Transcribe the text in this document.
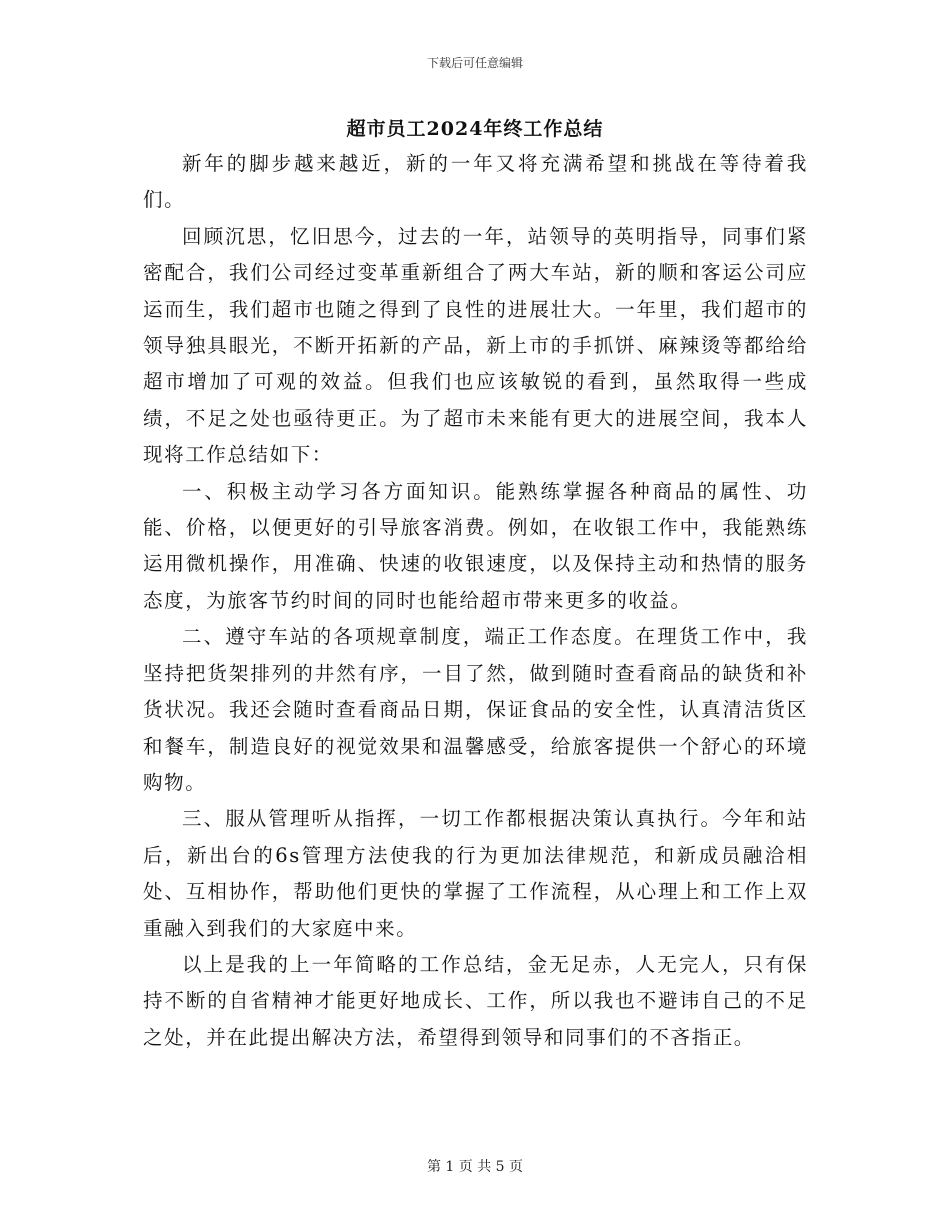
下载后可任意编辑
超市员工2024年终工作总结

新年的脚步越来越近，新的一年又将充满希望和挑战在等待着我们。

回顾沉思，忆旧思今，过去的一年，站领导的英明指导，同事们紧密配合，我们公司经过变革重新组合了两大车站，新的顺和客运公司应运而生，我们超市也随之得到了良性的进展壮大。一年里，我们超市的领导独具眼光，不断开拓新的产品，新上市的手抓饼、麻辣烫等都给给超市增加了可观的效益。但我们也应该敏锐的看到，虽然取得一些成绩，不足之处也亟待更正。为了超市未来能有更大的进展空间，我本人现将工作总结如下：

一、积极主动学习各方面知识。能熟练掌握各种商品的属性、功能、价格，以便更好的引导旅客消费。例如，在收银工作中，我能熟练运用微机操作，用准确、快速的收银速度，以及保持主动和热情的服务态度，为旅客节约时间的同时也能给超市带来更多的收益。

二、遵守车站的各项规章制度，端正工作态度。在理货工作中，我坚持把货架排列的井然有序，一目了然，做到随时查看商品的缺货和补货状况。我还会随时查看商品日期，保证食品的安全性，认真清洁货区和餐车，制造良好的视觉效果和温馨感受，给旅客提供一个舒心的环境购物。

三、服从管理听从指挥，一切工作都根据决策认真执行。今年和站后，新出台的6s管理方法使我的行为更加法律规范，和新成员融洽相处、互相协作，帮助他们更快的掌握了工作流程，从心理上和工作上双重融入到我们的大家庭中来。

以上是我的上一年简略的工作总结，金无足赤，人无完人，只有保持不断的自省精神才能更好地成长、工作，所以我也不避讳自己的不足之处，并在此提出解决方法，希望得到领导和同事们的不吝指正。

第 1 页 共 5 页
